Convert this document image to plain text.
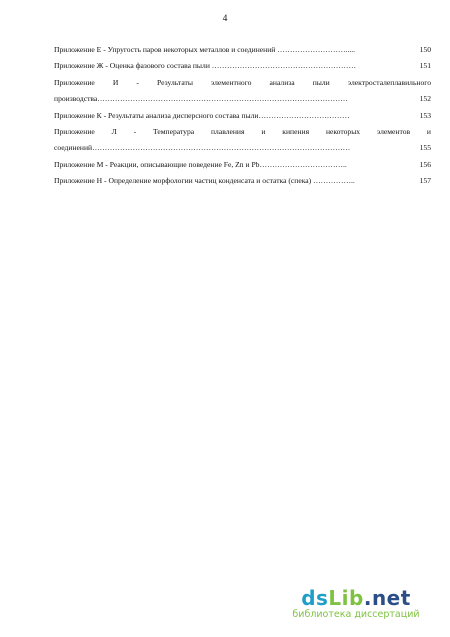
4
Приложение Е - Упругость паров некоторых металлов и соединений ……………………….....	150
Приложение Ж - Оценка фазового состава пыли …………………………………………………	151
Приложение И - Результаты элементного анализа пыли электросталеплавильного
производства………………………………………………………………………………………	152
Приложение К - Результаты анализа дисперсного состава пыли………………………………	153
Приложение Л - Температура плавления и кипения некоторых элементов и
соединений…………………………………………………………………………………………	155
Приложение М - Реакции, описывающие поведение Fe, Zn и Pb……………………………..	156
Приложение Н - Определение морфологии частиц конденсата и остатка (спека) ……………..	157
dsLib.net
библиотека диссертаций
